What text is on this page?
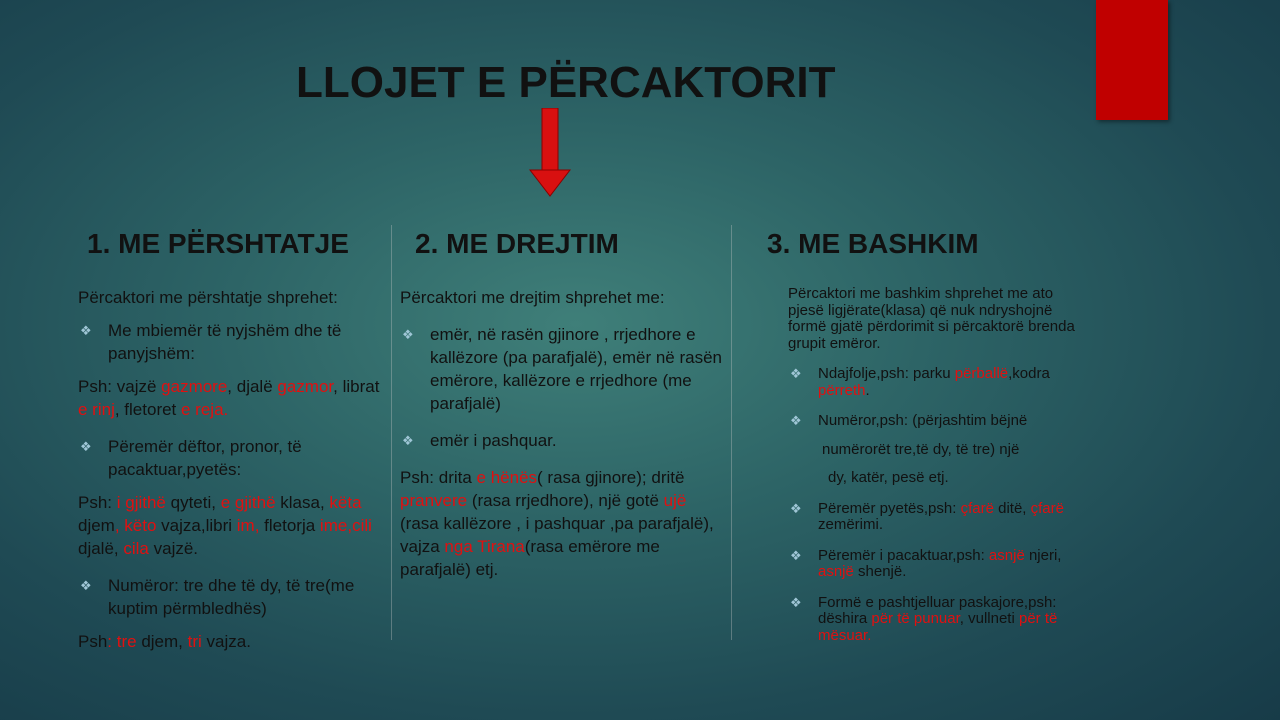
LLOJET E PËRCAKTORIT
1. ME PËRSHTATJE 2. ME DREJTIM	3. ME BASHKIM

Përcaktori me përshtatje shprehet:

❖ Me mbiemër të nyjshëm dhe të panyjshëm:

Psh: vajzë gazmore, djalë gazmor, librat e rinj, fletoret e reja.

❖ Përemër dëftor, pronor, të pacaktuar,pyetës:

Psh: i gjithë qyteti, e gjithë klasa, këta djem, këto vajza,libri im, fletorja ime,cili djalë, cila vajzë.

❖ Numëror: tre dhe të dy, të tre(me kuptim përmbledhës)

Psh: tre djem, tri vajza.

Përcaktori me drejtim shprehet me:

❖ emër, në rasën gjinore , rrjedhore e kallëzore (pa parafjalë), emër në rasën emërore, kallëzore e rrjedhore (me parafjalë)
❖ emër i pashquar.

Psh: drita e hënës( rasa gjinore); dritë pranvere (rasa rrjedhore), një gotë ujë (rasa kallëzore , i pashquar ,pa parafjalë), vajza nga Tirana(rasa emërore me parafjalë) etj.

Përcaktori me bashkim shprehet me ato pjesë ligjërate(klasa) që nuk ndryshojnë formë gjatë përdorimit si përcaktorë brenda grupit emëror.

❖ Ndajfolje,psh: parku përballë,kodra përreth.
❖ Numëror,psh: (përjashtim bëjnë
numërorët tre,të dy, të tre) një
dy, katër, pesë etj.
❖ Përemër pyetës,psh: çfarë ditë, çfarë zemërimi.
❖ Përemër i pacaktuar,psh: asnjë njeri, asnjë shenjë.
❖ Formë e pashtjelluar paskajore,psh: dëshira për të punuar, vullneti për të mësuar.
